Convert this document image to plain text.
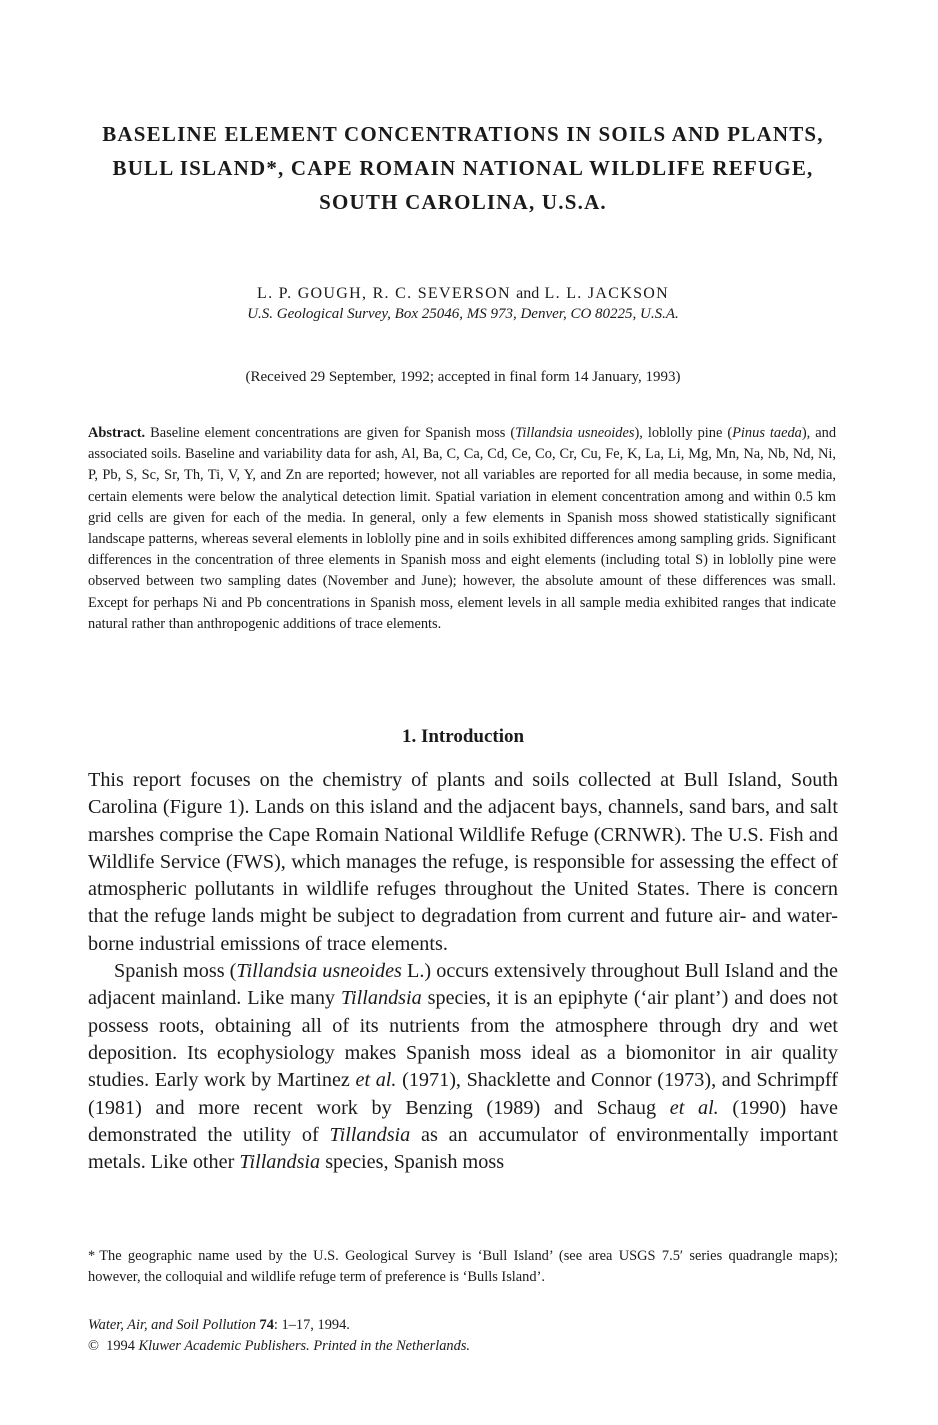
BASELINE ELEMENT CONCENTRATIONS IN SOILS AND PLANTS,
BULL ISLAND*, CAPE ROMAIN NATIONAL WILDLIFE REFUGE,
SOUTH CAROLINA, U.S.A.
L. P. GOUGH, R. C. SEVERSON and L. L. JACKSON
U.S. Geological Survey, Box 25046, MS 973, Denver, CO 80225, U.S.A.
(Received 29 September, 1992; accepted in final form 14 January, 1993)
Abstract. Baseline element concentrations are given for Spanish moss (Tillandsia usneoides), loblolly pine (Pinus taeda), and associated soils. Baseline and variability data for ash, Al, Ba, C, Ca, Cd, Ce, Co, Cr, Cu, Fe, K, La, Li, Mg, Mn, Na, Nb, Nd, Ni, P, Pb, S, Sc, Sr, Th, Ti, V, Y, and Zn are reported; however, not all variables are reported for all media because, in some media, certain elements were below the analytical detection limit. Spatial variation in element concentration among and within 0.5 km grid cells are given for each of the media. In general, only a few elements in Spanish moss showed statistically significant landscape patterns, whereas several elements in loblolly pine and in soils exhibited differences among sampling grids. Significant differences in the concentration of three elements in Spanish moss and eight elements (including total S) in loblolly pine were observed between two sampling dates (November and June); however, the absolute amount of these differences was small. Except for perhaps Ni and Pb concentrations in Spanish moss, element levels in all sample media exhibited ranges that indicate natural rather than anthropogenic additions of trace elements.
1. Introduction

This report focuses on the chemistry of plants and soils collected at Bull Island, South Carolina (Figure 1). Lands on this island and the adjacent bays, channels, sand bars, and salt marshes comprise the Cape Romain National Wildlife Refuge (CRNWR). The U.S. Fish and Wildlife Service (FWS), which manages the refuge, is responsible for assessing the effect of atmospheric pollutants in wildlife refuges throughout the United States. There is concern that the refuge lands might be subject to degradation from current and future air- and water-borne industrial emissions of trace elements.

Spanish moss (Tillandsia usneoides L.) occurs extensively throughout Bull Island and the adjacent mainland. Like many Tillandsia species, it is an epiphyte (‘air plant’) and does not possess roots, obtaining all of its nutrients from the atmosphere through dry and wet deposition. Its ecophysiology makes Spanish moss ideal as a biomonitor in air quality studies. Early work by Martinez et al. (1971), Shacklette and Connor (1973), and Schrimpff (1981) and more recent work by Benzing (1989) and Schaug et al. (1990) have demonstrated the utility of Tillandsia as an accumulator of environmentally important metals. Like other Tillandsia species, Spanish moss

* The geographic name used by the U.S. Geological Survey is ‘Bull Island’ (see area USGS 7.5′ series quadrangle maps); however, the colloquial and wildlife refuge term of preference is ‘Bulls Island’.
Water, Air, and Soil Pollution 74: 1–17, 1994.
© 1994 Kluwer Academic Publishers. Printed in the Netherlands.
